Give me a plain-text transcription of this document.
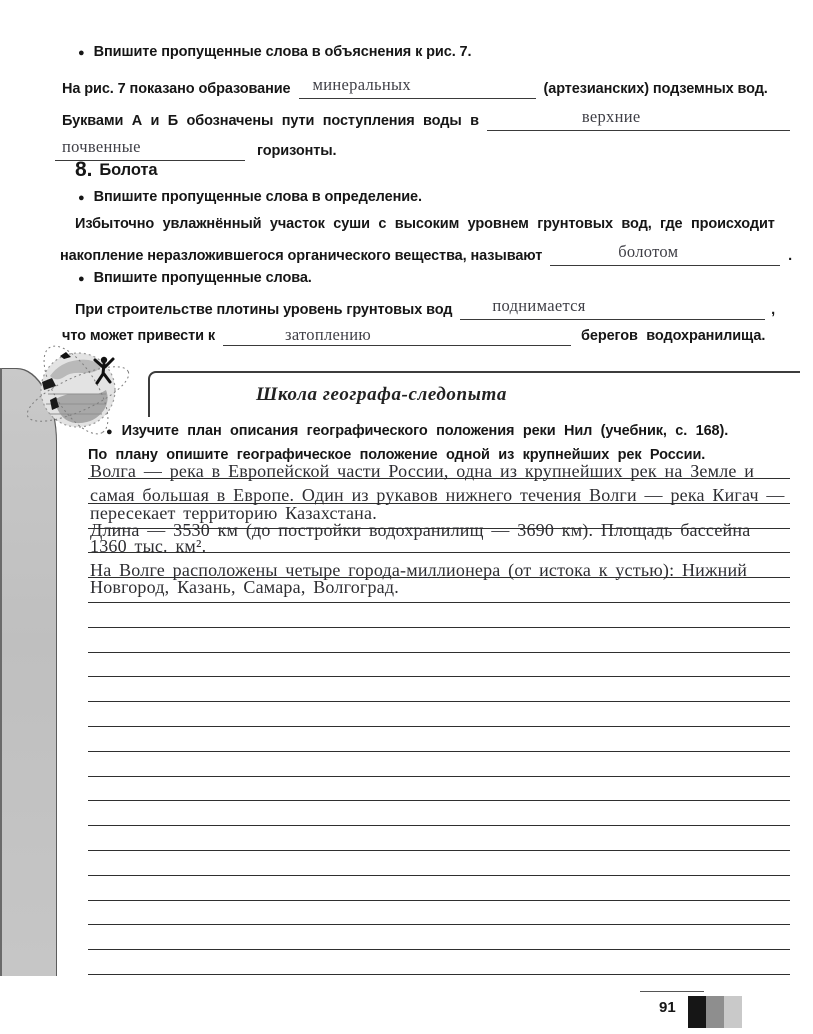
● Впишите пропущенные слова в объяснения к рис. 7.
На рис. 7 показано образование минеральных	(артезианских) подземных вод.
Буквами А и Б обозначены пути поступления воды в	верхние
почвенные	горизонты.
8. Болота
● Впишите пропущенные слова в определение.
Избыточно увлажнённый участок суши с высоким уровнем грунтовых вод, где происходит
накопление неразложившегося органического вещества, называют	болотом	.
● Впишите пропущенные слова.
При строительстве плотины уровень грунтовых вод поднимается	,
что может привести к	затоплению	берегов водохранилища.
Школа географа-следопыта
● Изучите план описания географического положения реки Нил (учебник, с. 168).
По плану опишите географическое положение одной из крупнейших рек России.
Волга — река в Европейской части России, одна из крупнейших рек на Земле и
самая большая в Европе. Один из рукавов нижнего течения Волги — река Кигач —
пересекает территорию Казахстана.
Длина — 3530 км (до постройки водохранилищ — 3690 км). Площадь бассейна
1360 тыс. км².
На Волге расположены четыре города-миллионера (от истока к устью): Нижний
Новгород, Казань, Самара, Волгоград.
91
